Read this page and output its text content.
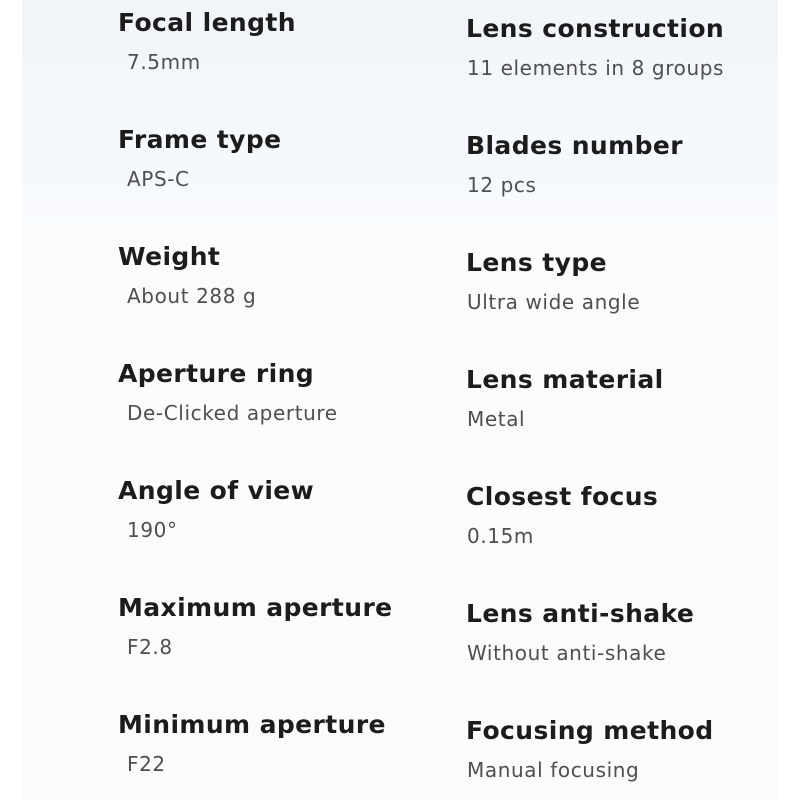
Focal length
7.5mm
Frame type
APS-C
Weight
About 288 g
Aperture ring
De-Clicked aperture
Angle of view
190°
Maximum aperture
F2.8
Minimum aperture
F22
Lens construction
11 elements in 8 groups
Blades number
12 pcs
Lens type
Ultra wide angle
Lens material
Metal
Closest focus
0.15m
Lens anti-shake
Without anti-shake
Focusing method
Manual focusing
